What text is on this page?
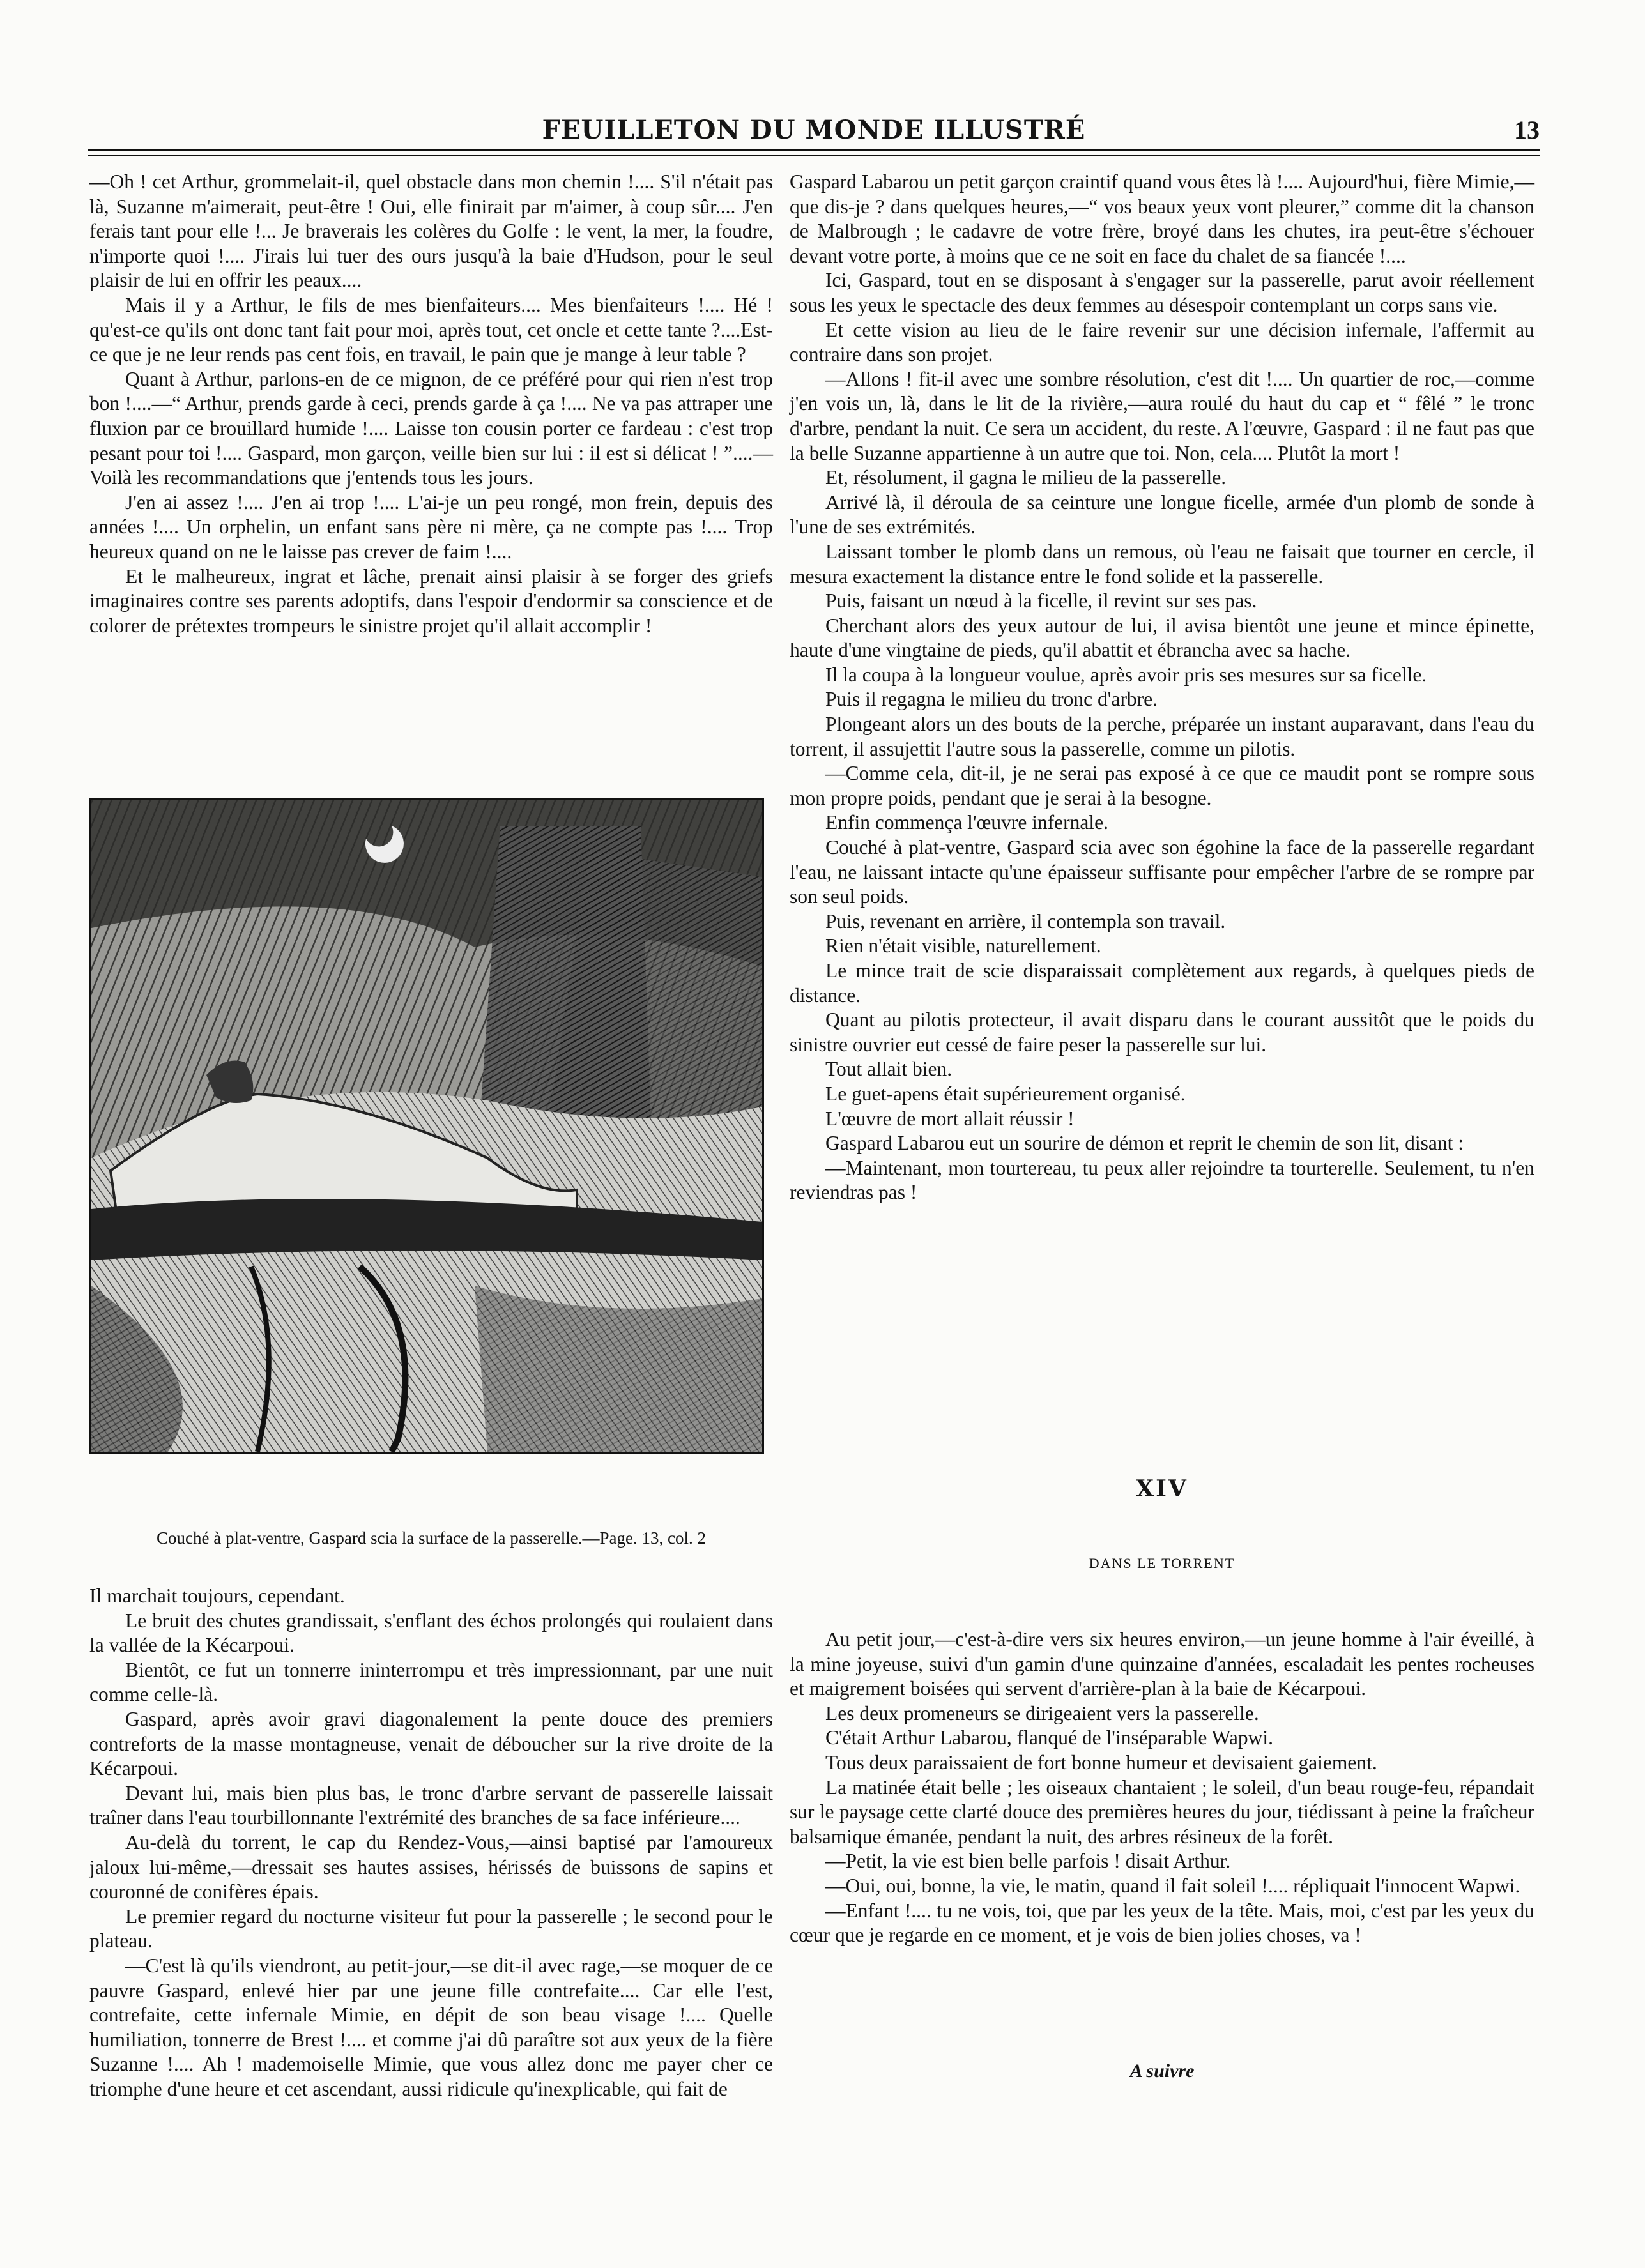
FEUILLETON DU MONDE ILLUSTRÉ	13

—Oh ! cet Arthur, grommelait-il, quel obstacle dans mon chemin !.... S'il n'était pas là, Suzanne m'aimerait, peut-être ! Oui, elle finirait par m'aimer, à coup sûr.... J'en ferais tant pour elle !... Je braverais les colères du Golfe : le vent, la mer, la foudre, n'importe quoi !.... J'irais lui tuer des ours jusqu'à la baie d'Hudson, pour le seul plaisir de lui en offrir les peaux....

Mais il y a Arthur, le fils de mes bienfaiteurs.... Mes bienfaiteurs !.... Hé ! qu'est-ce qu'ils ont donc tant fait pour moi, après tout, cet oncle et cette tante ?....Est-ce que je ne leur rends pas cent fois, en travail, le pain que je mange à leur table ?

Quant à Arthur, parlons-en de ce mignon, de ce préféré pour qui rien n'est trop bon !....—“ Arthur, prends garde à ceci, prends garde à ça !.... Ne va pas attraper une fluxion par ce brouillard humide !.... Laisse ton cousin porter ce fardeau : c'est trop pesant pour toi !.... Gaspard, mon garçon, veille bien sur lui : il est si délicat ! ”....—Voilà les recommandations que j'entends tous les jours.

J'en ai assez !.... J'en ai trop !.... L'ai-je un peu rongé, mon frein, depuis des années !.... Un orphelin, un enfant sans père ni mère, ça ne compte pas !.... Trop heureux quand on ne le laisse pas crever de faim !....

Et le malheureux, ingrat et lâche, prenait ainsi plaisir à se forger des griefs imaginaires contre ses parents adoptifs, dans l'espoir d'endormir sa conscience et de colorer de prétextes trompeurs le sinistre projet qu'il allait accomplir !

Couché à plat-ventre, Gaspard scia la surface de la passerelle.—Page. 13, col. 2

Il marchait toujours, cependant.

Le bruit des chutes grandissait, s'enflant des échos prolongés qui roulaient dans la vallée de la Kécarpoui.

Bientôt, ce fut un tonnerre ininterrompu et très impressionnant, par une nuit comme celle-là.

Gaspard, après avoir gravi diagonalement la pente douce des premiers contreforts de la masse montagneuse, venait de déboucher sur la rive droite de la Kécarpoui.

Devant lui, mais bien plus bas, le tronc d'arbre servant de passerelle laissait traîner dans l'eau tourbillonnante l'extrémité des branches de sa face inférieure....

Au-delà du torrent, le cap du Rendez-Vous,—ainsi baptisé par l'amoureux jaloux lui-même,—dressait ses hautes assises, hérissés de buissons de sapins et couronné de conifères épais.

Le premier regard du nocturne visiteur fut pour la passerelle ; le second pour le plateau.

—C'est là qu'ils viendront, au petit-jour,—se dit-il avec rage,—se moquer de ce pauvre Gaspard, enlevé hier par une jeune fille contrefaite.... Car elle l'est, contrefaite, cette infernale Mimie, en dépit de son beau visage !.... Quelle humiliation, tonnerre de Brest !.... et comme j'ai dû paraître sot aux yeux de la fière Suzanne !.... Ah ! mademoiselle Mimie, que vous allez donc me payer cher ce triomphe d'une heure et cet ascendant, aussi ridicule qu'inexplicable, qui fait de

Gaspard Labarou un petit garçon craintif quand vous êtes là !.... Aujourd'hui, fière Mimie,—que dis-je ? dans quelques heures,—“ vos beaux yeux vont pleurer,” comme dit la chanson de Malbrough ; le cadavre de votre frère, broyé dans les chutes, ira peut-être s'échouer devant votre porte, à moins que ce ne soit en face du chalet de sa fiancée !....

Ici, Gaspard, tout en se disposant à s'engager sur la passerelle, parut avoir réellement sous les yeux le spectacle des deux femmes au désespoir contemplant un corps sans vie.

Et cette vision au lieu de le faire revenir sur une décision infernale, l'affermit au contraire dans son projet.

—Allons ! fit-il avec une sombre résolution, c'est dit !.... Un quartier de roc,—comme j'en vois un, là, dans le lit de la rivière,—aura roulé du haut du cap et “ fêlé ” le tronc d'arbre, pendant la nuit. Ce sera un accident, du reste. A l'œuvre, Gaspard : il ne faut pas que la belle Suzanne appartienne à un autre que toi. Non, cela.... Plutôt la mort !

Et, résolument, il gagna le milieu de la passerelle.

Arrivé là, il déroula de sa ceinture une longue ficelle, armée d'un plomb de sonde à l'une de ses extrémités.

Laissant tomber le plomb dans un remous, où l'eau ne faisait que tourner en cercle, il mesura exactement la distance entre le fond solide et la passerelle.

Puis, faisant un nœud à la ficelle, il revint sur ses pas.

Cherchant alors des yeux autour de lui, il avisa bientôt une jeune et mince épinette, haute d'une vingtaine de pieds, qu'il abattit et ébrancha avec sa hache.

Il la coupa à la longueur voulue, après avoir pris ses mesures sur sa ficelle.

Puis il regagna le milieu du tronc d'arbre.

Plongeant alors un des bouts de la perche, préparée un instant auparavant, dans l'eau du torrent, il assujettit l'autre sous la passerelle, comme un pilotis.

—Comme cela, dit-il, je ne serai pas exposé à ce que ce maudit pont se rompre sous mon propre poids, pendant que je serai à la besogne.

Enfin commença l'œuvre infernale.

Couché à plat-ventre, Gaspard scia avec son égohine la face de la passerelle regardant l'eau, ne laissant intacte qu'une épaisseur suffisante pour empêcher l'arbre de se rompre par son seul poids.

Puis, revenant en arrière, il contempla son travail.

Rien n'était visible, naturellement.

Le mince trait de scie disparaissait complètement aux regards, à quelques pieds de distance.

Quant au pilotis protecteur, il avait disparu dans le courant aussitôt que le poids du sinistre ouvrier eut cessé de faire peser la passerelle sur lui.

Tout allait bien.

Le guet-apens était supérieurement organisé.

L'œuvre de mort allait réussir !

Gaspard Labarou eut un sourire de démon et reprit le chemin de son lit, disant :

—Maintenant, mon tourtereau, tu peux aller rejoindre ta tourterelle. Seulement, tu n'en reviendras pas !

XIV
DANS LE TORRENT

Au petit jour,—c'est-à-dire vers six heures environ,—un jeune homme à l'air éveillé, à la mine joyeuse, suivi d'un gamin d'une quinzaine d'années, escaladait les pentes rocheuses et maigrement boisées qui servent d'arrière-plan à la baie de Kécarpoui.

Les deux promeneurs se dirigeaient vers la passerelle.

C'était Arthur Labarou, flanqué de l'inséparable Wapwi.

Tous deux paraissaient de fort bonne humeur et devisaient gaiement.

La matinée était belle ; les oiseaux chantaient ; le soleil, d'un beau rouge-feu, répandait sur le paysage cette clarté douce des premières heures du jour, tiédissant à peine la fraîcheur balsamique émanée, pendant la nuit, des arbres résineux de la forêt.

—Petit, la vie est bien belle parfois ! disait Arthur.

—Oui, oui, bonne, la vie, le matin, quand il fait soleil !.... répliquait l'innocent Wapwi.

—Enfant !.... tu ne vois, toi, que par les yeux de la tête. Mais, moi, c'est par les yeux du cœur que je regarde en ce moment, et je vois de bien jolies choses, va !

A suivre
